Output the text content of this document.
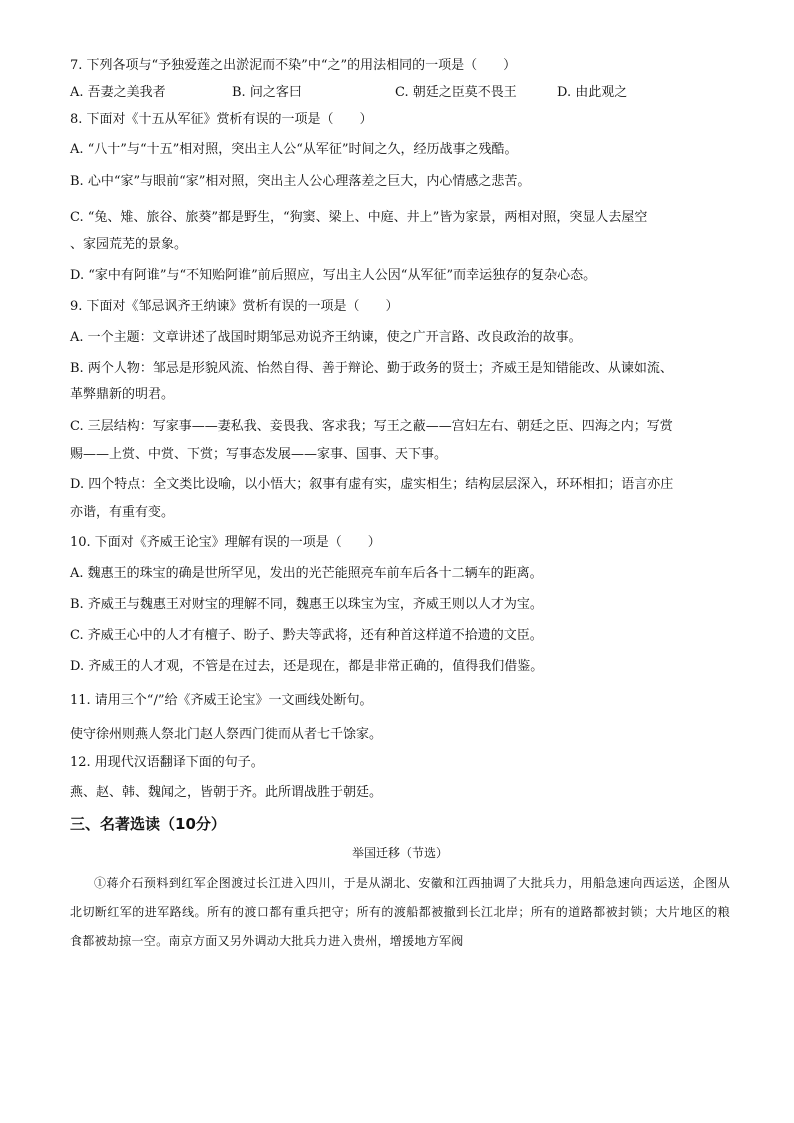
7. 下列各项与“予独爱莲之出淤泥而不染”中“之”的用法相同的一项是（　　）

A. 吾妻之美我者	B. 问之客曰	C. 朝廷之臣莫不畏王	D. 由此观之

8. 下面对《十五从军征》赏析有误的一项是（　　）

A. “八十”与“十五”相对照，突出主人公“从军征”时间之久，经历战事之残酷。

B. 心中“家”与眼前“家”相对照，突出主人公心理落差之巨大，内心情感之悲苦。

C. “兔、雉、旅谷、旅葵”都是野生，“狗窦、梁上、中庭、井上”皆为家景，两相对照，突显人去屋空

、家园荒芜的景象。

D. “家中有阿谁”与“不知贻阿谁”前后照应，写出主人公因“从军征”而幸运独存的复杂心态。

9. 下面对《邹忌讽齐王纳谏》赏析有误的一项是（　　）

A. 一个主题：文章讲述了战国时期邹忌劝说齐王纳谏，使之广开言路、改良政治的故事。

B. 两个人物：邹忌是形貌风流、怡然自得、善于辩论、勤于政务的贤士；齐威王是知错能改、从谏如流、

革弊鼎新的明君。

C. 三层结构：写家事——妻私我、妾畏我、客求我；写王之蔽——宫妇左右、朝廷之臣、四海之内；写赏

赐——上赏、中赏、下赏；写事态发展——家事、国事、天下事。

D. 四个特点：全文类比设喻，以小悟大；叙事有虚有实，虚实相生；结构层层深入，环环相扣；语言亦庄

亦谐，有重有变。

10. 下面对《齐威王论宝》理解有误的一项是（　　）

A. 魏惠王的珠宝的确是世所罕见，发出的光芒能照亮车前车后各十二辆车的距离。

B. 齐威王与魏惠王对财宝的理解不同，魏惠王以珠宝为宝，齐威王则以人才为宝。

C. 齐威王心中的人才有檀子、盼子、黔夫等武将，还有种首这样道不拾遗的文臣。

D. 齐威王的人才观，不管是在过去，还是现在，都是非常正确的，值得我们借鉴。

11. 请用三个“/”给《齐威王论宝》一文画线处断句。

使守徐州则燕人祭北门赵人祭西门徙而从者七千馀家。

12. 用现代汉语翻译下面的句子。

燕、赵、韩、魏闻之，皆朝于齐。此所谓战胜于朝廷。

三、名著选读（10分）

举国迁移（节选）

①蒋介石预料到红军企图渡过长江进入四川，于是从湖北、安徽和江西抽调了大批兵力，用船急速向西运送，企图从北切断红军的进军路线。所有的渡口都有重兵把守；所有的渡船都被撤到长江北岸；所有的道路都被封锁；大片地区的粮食都被劫掠一空。南京方面又另外调动大批兵力进入贵州，增援地方军阀
